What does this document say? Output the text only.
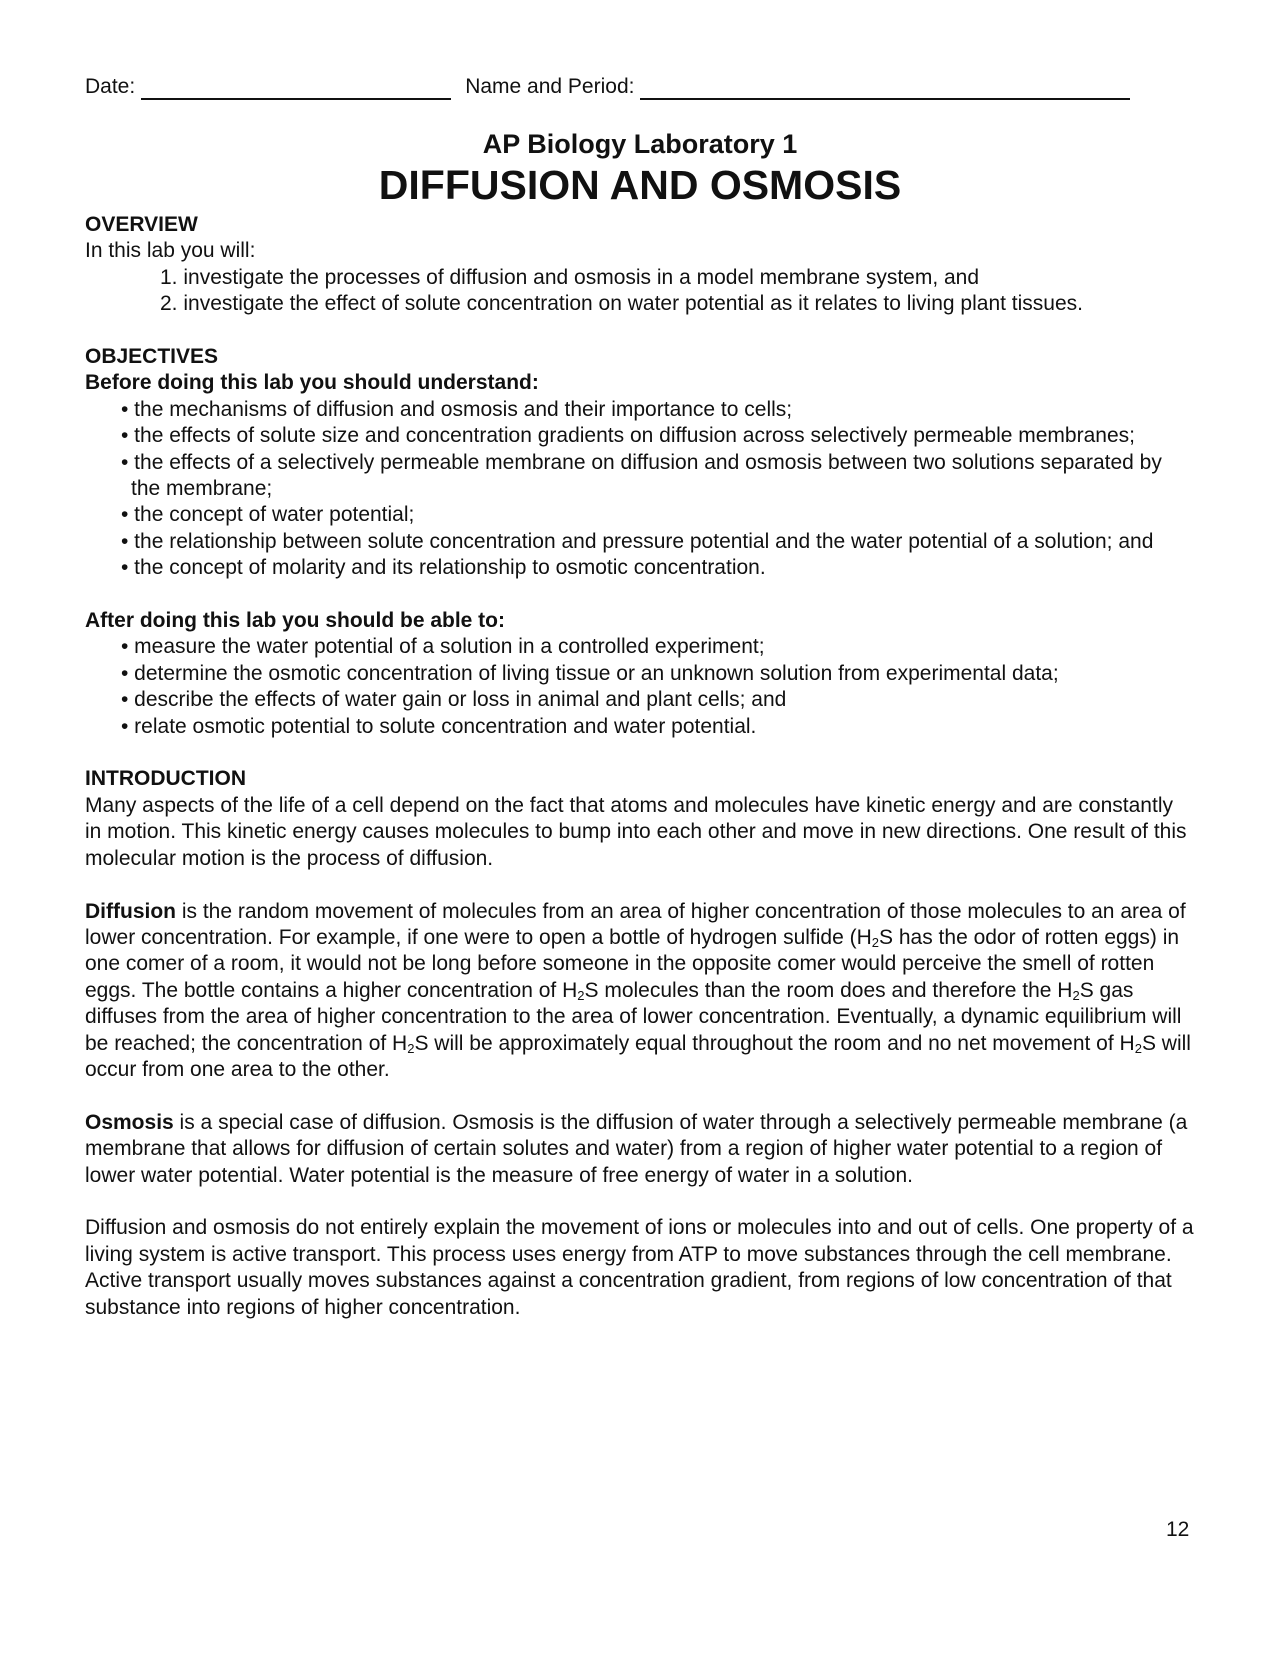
Date:	Name and Period:
AP Biology Laboratory 1
DIFFUSION AND OSMOSIS
OVERVIEW

In this lab you will:

1. investigate the processes of diffusion and osmosis in a model membrane system, and
2. investigate the effect of solute concentration on water potential as it relates to living plant tissues.
OBJECTIVES
Before doing this lab you should understand:
• the mechanisms of diffusion and osmosis and their importance to cells;
• the effects of solute size and concentration gradients on diffusion across selectively permeable membranes;
• the effects of a selectively permeable membrane on diffusion and osmosis between two solutions separated by the membrane;
• the concept of water potential;
• the relationship between solute concentration and pressure potential and the water potential of a solution; and
• the concept of molarity and its relationship to osmotic concentration.
After doing this lab you should be able to:
• measure the water potential of a solution in a controlled experiment;
• determine the osmotic concentration of living tissue or an unknown solution from experimental data;
• describe the effects of water gain or loss in animal and plant cells; and
• relate osmotic potential to solute concentration and water potential.
INTRODUCTION

Many aspects of the life of a cell depend on the fact that atoms and molecules have kinetic energy and are constantly in motion. This kinetic energy causes molecules to bump into each other and move in new directions. One result of this molecular motion is the process of diffusion.

Diffusion is the random movement of molecules from an area of higher concentration of those molecules to an area of lower concentration. For example, if one were to open a bottle of hydrogen sulfide ($H_2S$ has the odor of rotten eggs) in one comer of a room, it would not be long before someone in the opposite comer would perceive the smell of rotten eggs. The bottle contains a higher concentration of $H_2S$ molecules than the room does and therefore the $H_2S$ gas diffuses from the area of higher concentration to the area of lower concentration. Eventually, a dynamic equilibrium will be reached; the concentration of $H_2S$ will be approximately equal throughout the room and no net movement of $H_2S$ will occur from one area to the other.

Osmosis is a special case of diffusion. Osmosis is the diffusion of water through a selectively permeable membrane (a membrane that allows for diffusion of certain solutes and water) from a region of higher water potential to a region of lower water potential. Water potential is the measure of free energy of water in a solution.

Diffusion and osmosis do not entirely explain the movement of ions or molecules into and out of cells. One property of a living system is active transport. This process uses energy from ATP to move substances through the cell membrane. Active transport usually moves substances against a concentration gradient, from regions of low concentration of that substance into regions of higher concentration.

12
